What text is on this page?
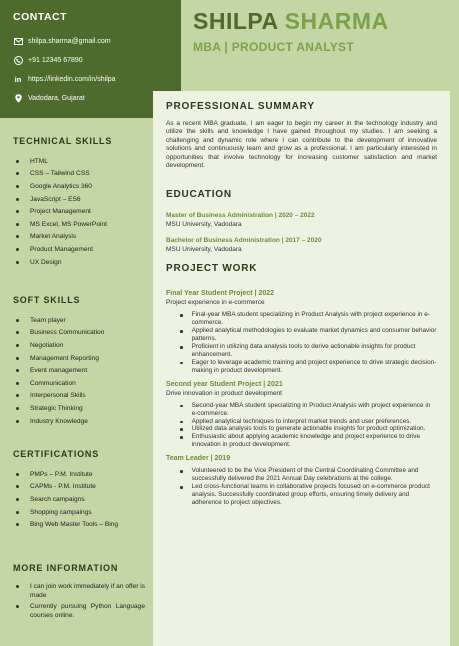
CONTACT
shilpa.sharma@gmail.com
+91 12345 67890
in https://linkedin.com/in/shilpa
Vadodara, Gujarat
TECHNICAL SKILLS
HTML
CSS – Tailwind CSS
Google Analytics 360
JavaScript – ES6
Project Management
MS Excel, MS PowerPoint
Market Analysis
Product Management
UX Design
SOFT SKILLS
Team player
Business Communication
Negotiation
Management Reporting
Event management
Communication
Interpersonal Skills
Strategic Thinking
Industry Knowledge
CERTIFICATIONS
PMPs – P.M. Institute
CAPMs - P.M. Institute
Search campaigns
Shopping campaings
Bing Web Master Tools – Bing
MORE INFORMATION
I can join work immediately if an offer is made
Currently pursuing Python Language courses online.
SHILPA SHARMA
MBA | PRODUCT ANALYST
PROFESSIONAL SUMMARY

As a recent MBA graduate, I am eager to begin my career in the technology industry and utilize the skills and knowledge I have gained throughout my studies. I am seeking a challenging and dynamic role where I can contribute to the development of innovative solutions and continuously learn and grow as a professional. I am particularly interested in opportunities that involve technology for increasing customer satisfaction and market development.

EDUCATION
Master of Business Administration | 2020 – 2022
MSU University, Vadodara
Bachelor of Business Administration | 2017 – 2020
MSU University, Vadodara
PROJECT WORK
Final Year Student Project | 2022
Project experience in e-commerce
Final-year MBA student specializing in Product Analysis with project experience in e-commerce.
Applied analytical methodologies to evaluate market dynamics and consumer behavior patterns.
Proficient in utilizing data analysis tools to derive actionable insights for product enhancement.
Eager to leverage academic training and project experience to drive strategic decision-making in product development.
Second year Student Project | 2021
Drive innovation in product development
Second-year MBA student specializing in Product Analysis with project experience in e-commerce.
Applied analytical techniques to interpret market trends and user preferences.
Utilized data analysis tools to generate actionable insights for product optimization.
Enthusiastic about applying academic knowledge and project experience to drive innovation in product development.
Team Leader | 2019
Volunteered to be the Vice President of the Central Coordinating Committee and successfully delivered the 2021 Annual Day celebrations at the college.
Led cross-functional teams in collaborative projects focused on e-commerce product analysis. Successfully coordinated group efforts, ensuring timely delivery and adherence to project objectives.
